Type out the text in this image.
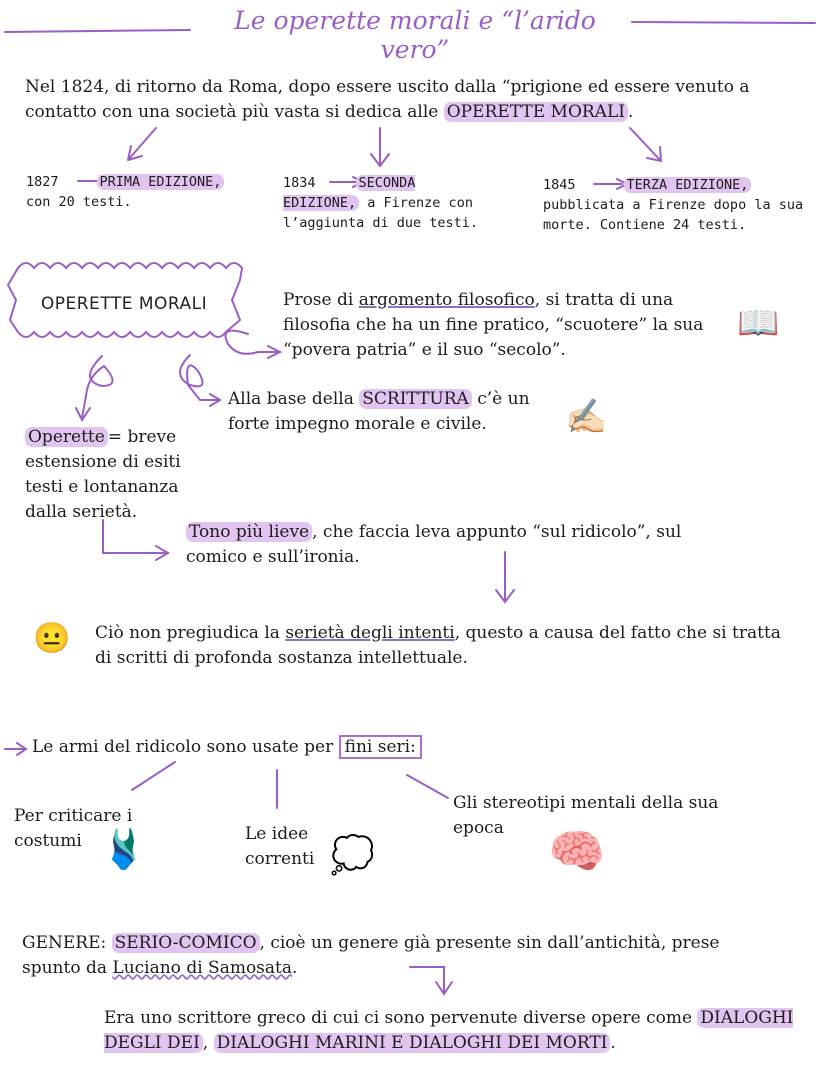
Le operette morali e “l’arido vero”
Nel 1824, di ritorno da Roma, dopo essere uscito dalla “prigione ed essere venuto a contatto con una società più vasta si dedica alle OPERETTE MORALI .
1827	PRIMA EDIZIONE, con 20 testi.
1834	SECONDA EDIZIONE, a Firenze con l’aggiunta di due testi.
1845	TERZA EDIZIONE, pubblicata a Firenze dopo la sua morte. Contiene 24 testi.
OPERETTE MORALI	Prose di argomento filosofico, si tratta di una filosofia che ha un fine pratico, “scuotere” la sua “povera patria” e il suo “secolo”.
📖
Alla base della SCRITTURA c’è un forte impegno morale e civile.	✍🏻
Operette = breve estensione di esiti testi e lontananza dalla serietà.
Tono più lieve , che faccia leva appunto “sul ridicolo”, sul comico e sull’ironia.
😐 Ciò non pregiudica la serietà degli intenti, questo a causa del fatto che si tratta di scritti di profonda sostanza intellettuale.
Le armi del ridicolo sono usate per fini seri:
Per criticare i costumi 🩱	Le idee correnti 💭
Gli stereotipi mentali della sua epoca 🧠
GENERE: SERIO-COMICO , cioè un genere già presente sin dall’antichità, prese spunto da Luciano di Samosata.
Era uno scrittore greco di cui ci sono pervenute diverse opere come DIALOGHI DEGLI DEI , DIALOGHI MARINI E DIALOGHI DEI MORTI .
